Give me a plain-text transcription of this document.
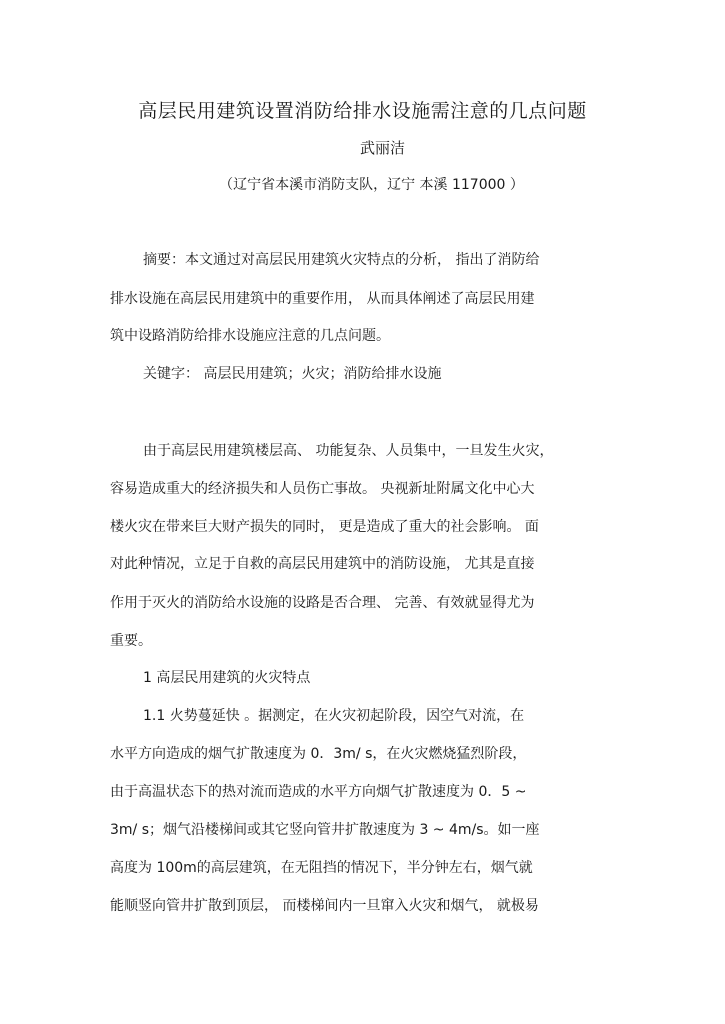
高层民用建筑设置消防给排水设施需注意的几点问题
武丽洁
（辽宁省本溪市消防支队，辽宁 本溪 117000 ）
摘要：本文通过对高层民用建筑火灾特点的分析， 指出了消防给
排水设施在高层民用建筑中的重要作用， 从而具体阐述了高层民用建
筑中设路消防给排水设施应注意的几点问题。
关键字： 高层民用建筑；火灾；消防给排水设施
由于高层民用建筑楼层高、 功能复杂、人员集中，一旦发生火灾，
容易造成重大的经济损失和人员伤亡事故。 央视新址附属文化中心大
楼火灾在带来巨大财产损失的同时， 更是造成了重大的社会影响。 面
对此种情况，立足于自救的高层民用建筑中的消防设施， 尤其是直接
作用于灭火的消防给水设施的设路是否合理、 完善、有效就显得尤为
重要。
1 高层民用建筑的火灾特点
1.1 火势蔓延快 。据测定，在火灾初起阶段，因空气对流，在
水平方向造成的烟气扩散速度为 0．3m/ s，在火灾燃烧猛烈阶段，
由于高温状态下的热对流而造成的水平方向烟气扩散速度为 0．5 ~
3m/ s；烟气沿楼梯间或其它竖向管井扩散速度为 3 ~ 4m/s。如一座
高度为 100m的高层建筑，在无阻挡的情况下，半分钟左右，烟气就
能顺竖向管井扩散到顶层， 而楼梯间内一旦窜入火灾和烟气， 就极易
